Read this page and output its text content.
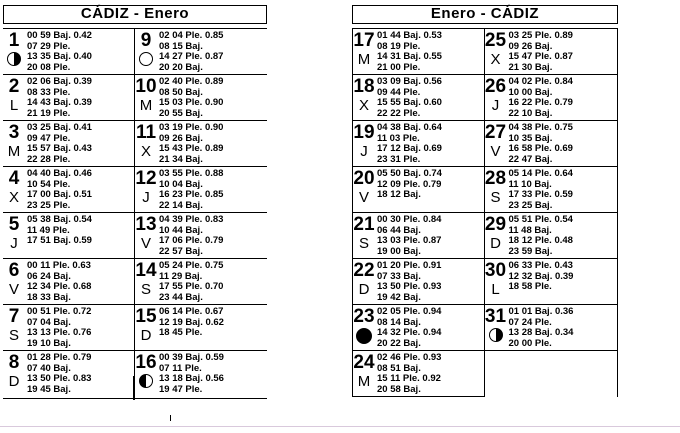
CÁDIZ - Enero
1 00 59 Baj. 0.42
07 29 Ple.
13 35 Baj. 0.40
20 08 Ple.
2
L
02 06 Baj. 0.39
08 33 Ple.
14 43 Baj. 0.39
21 19 Ple.
3
M
03 25 Baj. 0.41
09 47 Ple.
15 57 Baj. 0.43
22 28 Ple.
4
X
04 40 Baj. 0.46
10 54 Ple.
17 00 Baj. 0.51
23 25 Ple.
5
J
05 38 Baj. 0.54
11 49 Ple.
17 51 Baj. 0.59
6
V
00 11 Ple. 0.63
06 24 Baj.
12 34 Ple. 0.68
18 33 Baj.
7
S
00 51 Ple. 0.72
07 04 Baj.
13 13 Ple. 0.76
19 10 Baj.
8
D
01 28 Ple. 0.79
07 40 Baj.
13 50 Ple. 0.83
19 45 Baj.
9 02 04 Ple. 0.85
08 15 Baj.
14 27 Ple. 0.87
20 20 Baj.
10
M
02 40 Ple. 0.89
08 50 Baj.
15 03 Ple. 0.90
20 55 Baj.
11
X
03 19 Ple. 0.90
09 26 Baj.
15 43 Ple. 0.89
21 34 Baj.
12
J
03 55 Ple. 0.88
10 04 Baj.
16 23 Ple. 0.85
22 14 Baj.
13
V
04 39 Ple. 0.83
10 44 Baj.
17 06 Ple. 0.79
22 57 Baj.
14
S
05 24 Ple. 0.75
11 29 Baj.
17 55 Ple. 0.70
23 44 Baj.
15
D
06 14 Ple. 0.67
12 19 Baj. 0.62
18 45 Ple.
16 00 39 Baj. 0.59
07 11 Ple.
13 18 Baj. 0.56
19 47 Ple.
Enero - CÁDIZ
17
M
01 44 Baj. 0.53
08 19 Ple.
14 31 Baj. 0.55
21 00 Ple.
18
X
03 09 Baj. 0.56
09 44 Ple.
15 55 Baj. 0.60
22 22 Ple.
19
J
04 38 Baj. 0.64
11 03 Ple.
17 12 Baj. 0.69
23 31 Ple.
20
V
05 50 Baj. 0.74
12 09 Ple. 0.79
18 12 Baj.
21
S
00 30 Ple. 0.84
06 44 Baj.
13 03 Ple. 0.87
19 00 Baj.
22
D
01 20 Ple. 0.91
07 33 Baj.
13 50 Ple. 0.93
19 42 Baj.
23 02 05 Ple. 0.94
08 14 Baj.
14 32 Ple. 0.94
20 22 Baj.
24
M
02 46 Ple. 0.93
08 51 Baj.
15 11 Ple. 0.92
20 58 Baj.
25
X
03 25 Ple. 0.89
09 26 Baj.
15 47 Ple. 0.87
21 30 Baj.
26
J
04 02 Ple. 0.84
10 00 Baj.
16 22 Ple. 0.79
22 10 Baj.
27
V
04 38 Ple. 0.75
10 35 Baj.
16 58 Ple. 0.69
22 47 Baj.
28
S
05 14 Ple. 0.64
11 10 Baj.
17 33 Ple. 0.59
23 25 Baj.
29
D
05 51 Ple. 0.54
11 48 Baj.
18 12 Ple. 0.48
23 59 Baj.
30
L
06 33 Ple. 0.43
12 32 Baj. 0.39
18 58 Ple.
31 01 01 Baj. 0.36
07 24 Ple.
13 28 Baj. 0.34
20 00 Ple.
